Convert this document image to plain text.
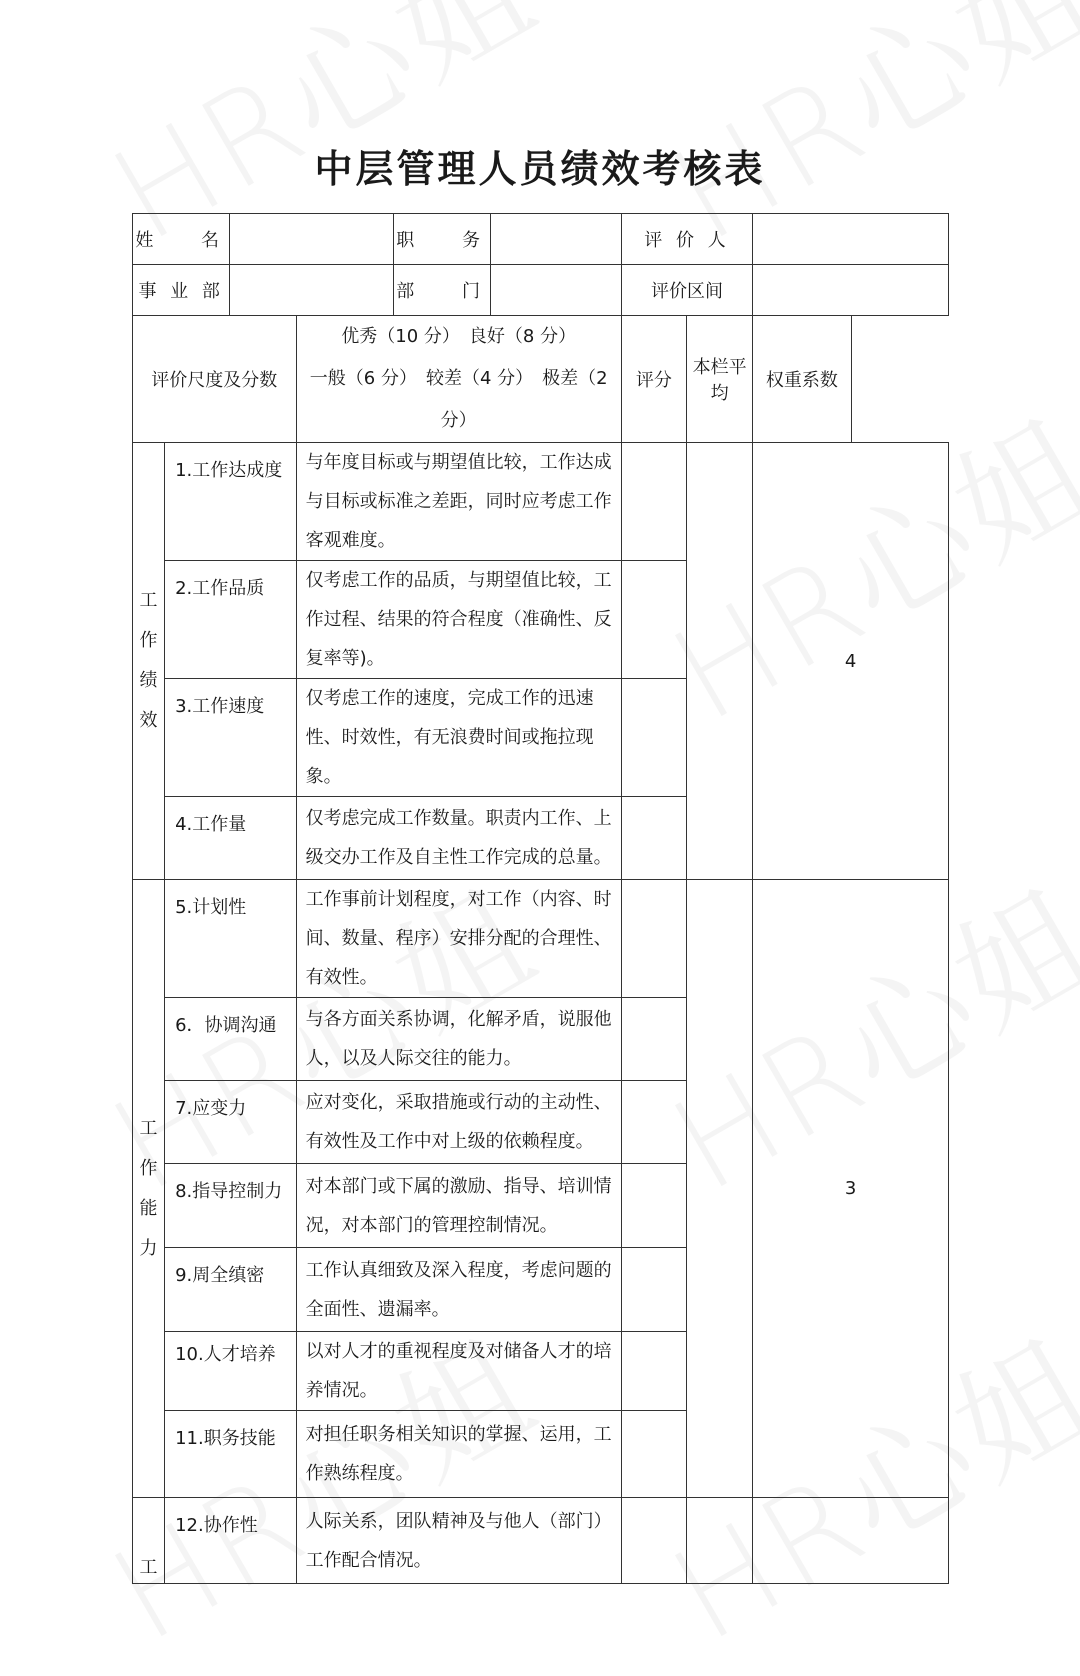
中层管理人员绩效考核表
姓　 名				职　 务		评 价 人		
事 业 部				部　 门		评价区间		
评价尺度及分数			优秀（10 分）　良好（8 分）
一般（6 分）　较差（4 分）　极差（2 分）			评分	本栏平均	权重系数

工
作
绩
效	1.工作达成度		与年度目标或与期望值比较，工作达成与目标或标准之差距，同时应考虑工作客观难度。					4
	2.工作品质		仅考虑工作的品质，与期望值比较，工作过程、结果的符合程度（准确性、反复率等)。					
	3.工作速度		仅考虑工作的速度，完成工作的迅速性、时效性，有无浪费时间或拖拉现象。					
	4.工作量		仅考虑完成工作数量。职责内工作、上级交办工作及自主性工作完成的总量。					

工
作
能
力	5.计划性		工作事前计划程度，对工作（内容、时间、数量、程序）安排分配的合理性、有效性。					3
	6．协调沟通		与各方面关系协调，化解矛盾，说服他人，以及人际交往的能力。					
	7.应变力		应对变化，采取措施或行动的主动性、有效性及工作中对上级的依赖程度。					
	8.指导控制力		对本部门或下属的激励、指导、培训情况，对本部门的管理控制情况。					
	9.周全缜密		工作认真细致及深入程度，考虑问题的全面性、遗漏率。					
	10.人才培养		以对人才的重视程度及对储备人才的培养情况。					
	11.职务技能		对担任职务相关知识的掌握、运用，工作熟练程度。					

工	12.协作性		人际关系，团队精神及与他人（部门）工作配合情况。					
